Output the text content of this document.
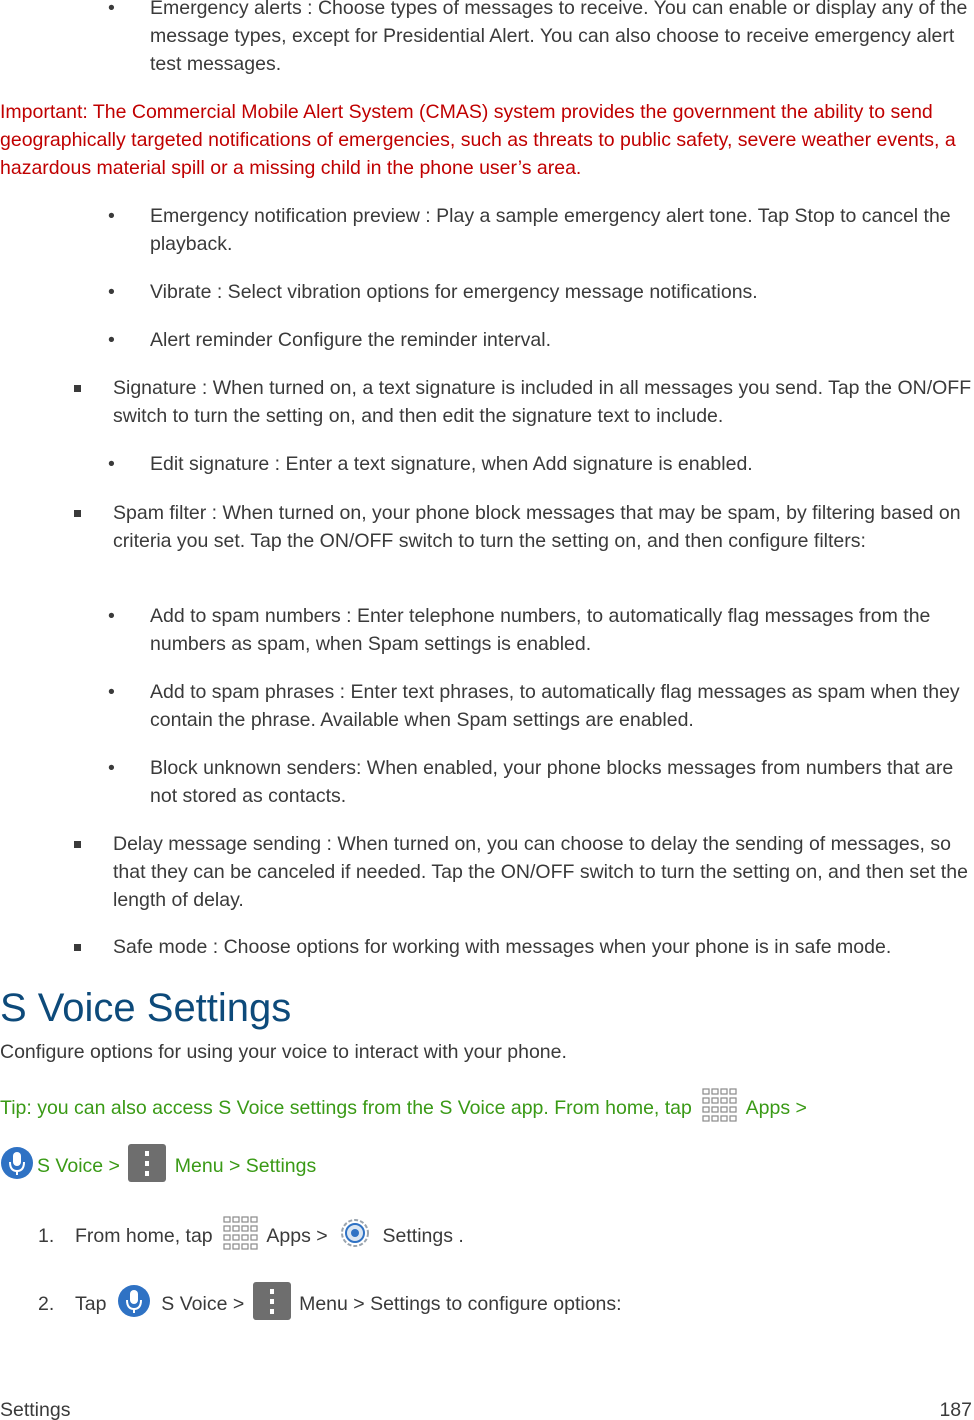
•	Emergency alerts : Choose types of messages to receive. You can enable or display any of the message types, except for Presidential Alert. You can also choose to receive emergency alert test messages.
Important: The Commercial Mobile Alert System (CMAS) system provides the government the ability to send geographically targeted notifications of emergencies, such as threats to public safety, severe weather events, a hazardous material spill or a missing child in the phone user’s area.
•	Emergency notification preview : Play a sample emergency alert tone. Tap Stop to cancel the playback.
•	Vibrate : Select vibration options for emergency message notifications.
•	Alert reminder Configure the reminder interval.
Signature : When turned on, a text signature is included in all messages you send. Tap the ON/OFF switch to turn the setting on, and then edit the signature text to include.
•	Edit signature : Enter a text signature, when Add signature is enabled.
Spam filter : When turned on, your phone block messages that may be spam, by filtering based on criteria you set. Tap the ON/OFF switch to turn the setting on, and then configure filters:
•	Add to spam numbers : Enter telephone numbers, to automatically flag messages from the numbers as spam, when Spam settings is enabled.
•	Add to spam phrases : Enter text phrases, to automatically flag messages as spam when they contain the phrase. Available when Spam settings are enabled.
•	Block unknown senders: When enabled, your phone blocks messages from numbers that are not stored as contacts.
Delay message sending : When turned on, you can choose to delay the sending of messages, so that they can be canceled if needed. Tap the ON/OFF switch to turn the setting on, and then set the length of delay.
Safe mode : Choose options for working with messages when your phone is in safe mode.
S Voice Settings
Configure options for using your voice to interact with your phone.
Tip: you can also access S Voice settings from the S Voice app. From home, tap	Apps >
S Voice >	Menu > Settings
1.	From home, tap	Apps >	Settings .
2.	Tap	S Voice >	Menu > Settings to configure options:
Settings	187
